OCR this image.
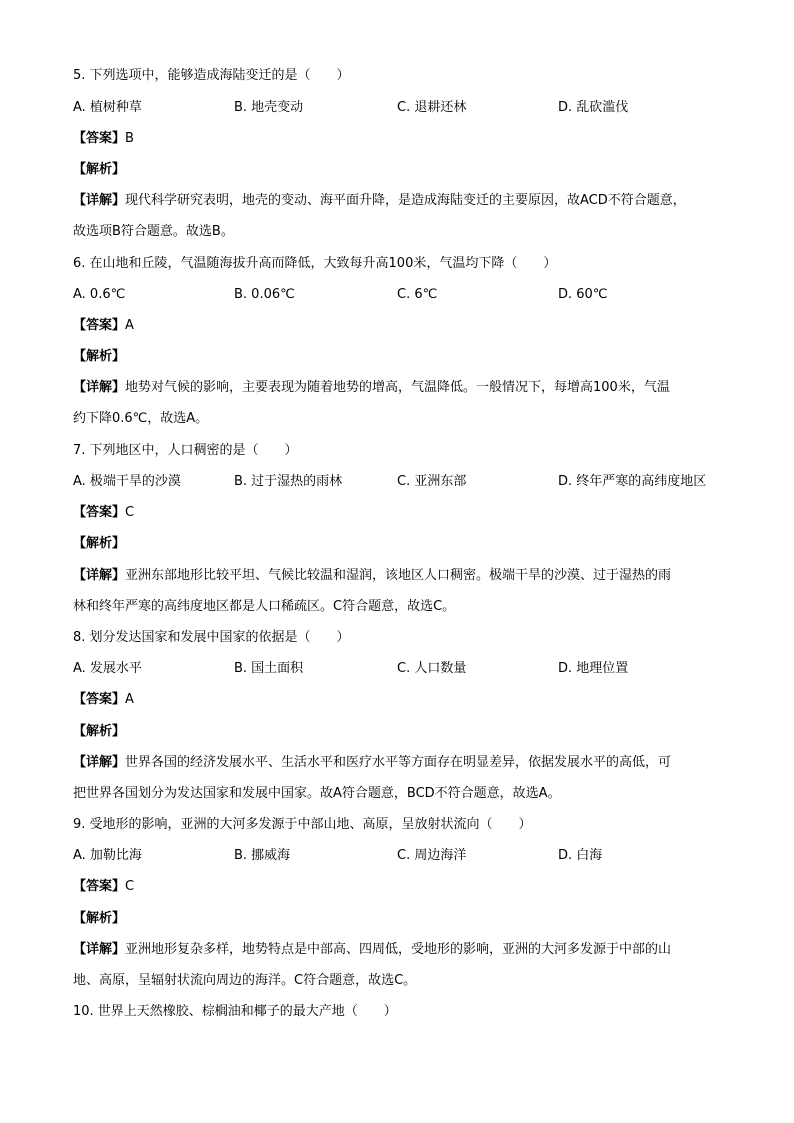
5. 下列选项中，能够造成海陆变迁的是（　　）
A. 植树种草	B. 地壳变动	C. 退耕还林	D. 乱砍滥伐
【答案】B
【解析】
【详解】现代科学研究表明，地壳的变动、海平面升降，是造成海陆变迁的主要原因，故ACD不符合题意，
故选项B符合题意。故选B。
6. 在山地和丘陵，气温随海拔升高而降低，大致每升高100米，气温均下降（　　）
A. 0.6℃	B. 0.06℃	C. 6℃	D. 60℃
【答案】A
【解析】
【详解】地势对气候的影响，主要表现为随着地势的增高，气温降低。一般情况下，每增高100米，气温
约下降0.6℃，故选A。
7. 下列地区中，人口稠密的是（　　）
A. 极端干旱的沙漠	B. 过于湿热的雨林	C. 亚洲东部	D. 终年严寒的高纬度地区
【答案】C
【解析】
【详解】亚洲东部地形比较平坦、气候比较温和湿润，该地区人口稠密。极端干旱的沙漠、过于湿热的雨
林和终年严寒的高纬度地区都是人口稀疏区。C符合题意，故选C。
8. 划分发达国家和发展中国家的依据是（　　）
A. 发展水平	B. 国土面积	C. 人口数量	D. 地理位置
【答案】A
【解析】
【详解】世界各国的经济发展水平、生活水平和医疗水平等方面存在明显差异，依据发展水平的高低，可
把世界各国划分为发达国家和发展中国家。故A符合题意，BCD不符合题意，故选A。
9. 受地形的影响，亚洲的大河多发源于中部山地、高原，呈放射状流向（　　）
A. 加勒比海	B. 挪威海	C. 周边海洋	D. 白海
【答案】C
【解析】
【详解】亚洲地形复杂多样，地势特点是中部高、四周低，受地形的影响，亚洲的大河多发源于中部的山
地、高原，呈辐射状流向周边的海洋。C符合题意，故选C。
10. 世界上天然橡胶、棕榈油和椰子的最大产地（　　）
